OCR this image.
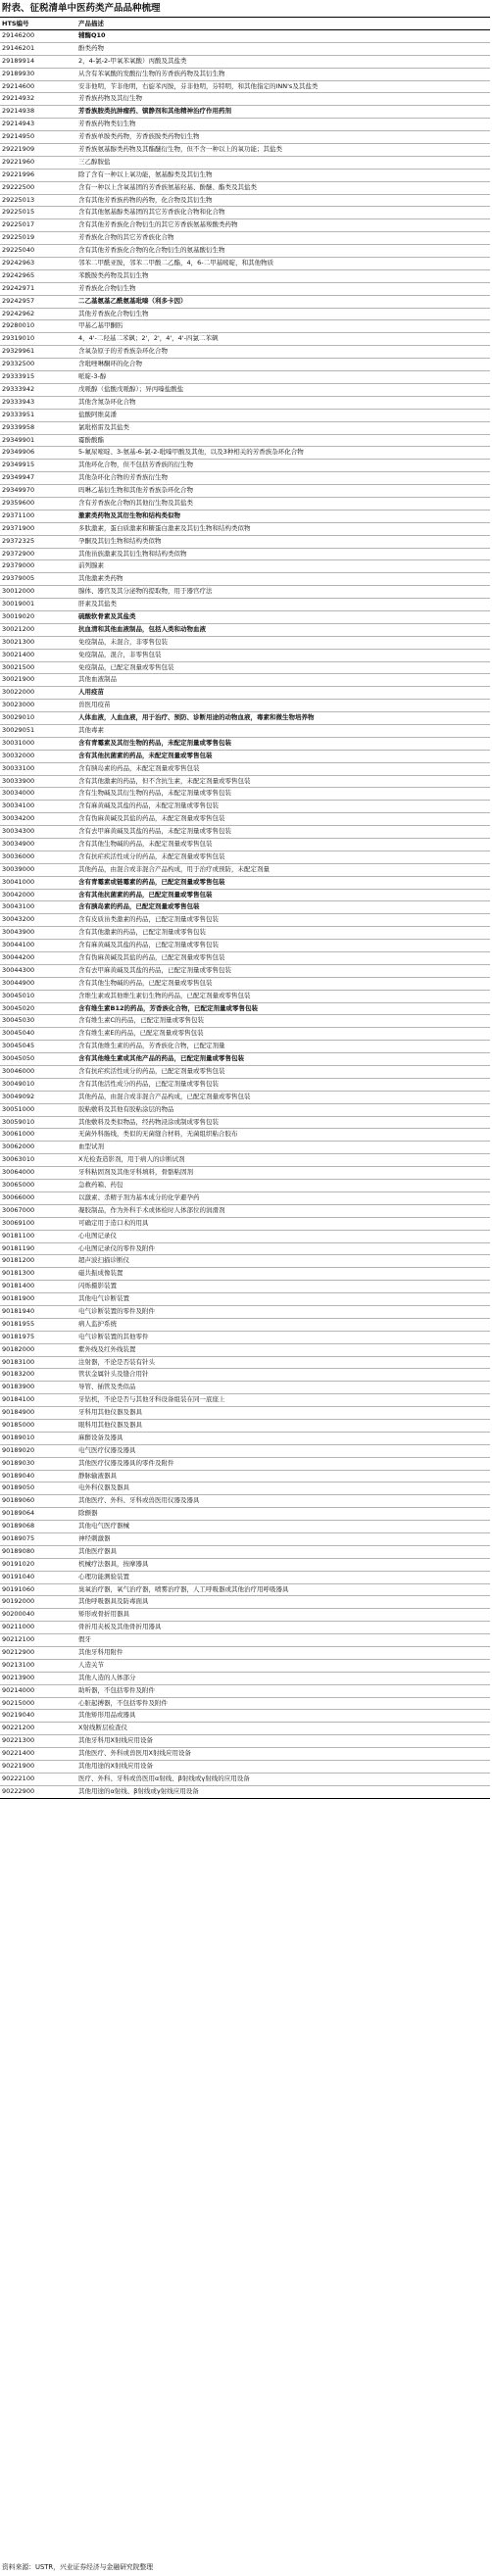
附表、征税清单中医药类产品品种梳理
HTS编号	产品描述
29146200	辅酶Q10
29146201	酚类药物
29189914	2，4-氯-2-甲氧苯氧酸）丙酸及其盐类
29189930	从含有苯氧酸的发酸衍生物的芳香族药物及其衍生物
29214600	安非他明，苄非他明，右旋苯丙胺，芬非他明，芬特明，和其他指定的INN's及其盐类
29214932	芳香族药物及其衍生物
29214938	芳香族胺类抗肿瘤药、镇静剂和其他精神治疗作用药剂
29214943	芳香族药物类衍生物
29214950	芳香族单胺类药物，芳香族胺类药物衍生物
29221909	芳香族氨基醇类药物及其酯醚衍生物，但不含一种以上的氧功能；其盐类
29221960	三乙醇胺盐
29221996	除了含有一种以上氧功能，氨基醇类及其衍生物
29222500	含有一种以上含氧基团的芳香族氨基羟基、酚醚、酯类及其盐类
29225013	含有其他芳香族药物的药物，化合物及其衍生物
29225015	含有其他氨基醇类基团的其它芳香族化合物和化合物
29225017	含有其他芳香族化合物衍生的其它芳香族氨基羧酸类药物
29225019	芳香族化合物的其它芳香族化合物
29225040	含有其他芳香族化合物的化合物衍生的氨基酸衍生物
29242963	邻苯二甲酰亚胺，邻苯二甲酸二乙酯，4，6-二甲基嘧啶，和其他物质
29242965	苯酰胺类药物及其衍生物
29242971	芳香族化合物衍生物
29242957	二乙基氨基乙酰氨基吡嗪（利多卡因）
29242962	其他芳香族化合物衍生物
29280010	甲基乙基甲酮肟
29319010	4，4'-二羟基二苯砜；2'，2'，4'，4'-四氯二苯砜
29329961	含氧杂原子的芳香族杂环化合物
29332500	含吡唑啉酮环的化合物
29333915	哌啶-3-醇
29333942	戊哌醇（盐酸戊哌醇）；异丙嗪盐酸盐
29333943	其他含氮杂环化合物
29333951	盐酸阿维莫潘
29339958	氯吡格雷及其盐类
29349901	霉酚酸酯
29349906	5-氟尿嘧啶、3-氨基-6-氯-2-吡嗪甲酸及其他，以及3种相关的芳香族杂环化合物
29349915	其他环化合物，但不包括芳香族的衍生物
29349947	其他杂环化合物的芳香族衍生物
29349970	吗啉乙基衍生物和其他芳香族杂环化合物
29359600	含有芳香族化合物的其他衍生物及其盐类
29371100	激素类药物及其衍生物和结构类似物
29371900	多肽激素，蛋白质激素和糖蛋白激素及其衍生物和结构类似物
29372325	孕酮及其衍生物和结构类似物
29372900	其他甾族激素及其衍生物和结构类似物
29379000	前列腺素
29379005	其他激素类药物
30012000	腺体、器官及其分泌物的提取物，用于器官疗法
30019001	肝素及其盐类
30019020	硫酸软骨素及其盐类
30021200	抗血清和其他血液制品，包括人类和动物血液
30021300	免疫制品，未混合，非零售包装
30021400	免疫制品，混合，非零售包装
30021500	免疫制品，已配定剂量或零售包装
30021900	其他血液制品
30022000	人用疫苗
30023000	兽医用疫苗
30029010	人体血液，人血血液，用于治疗、预防、诊断用途的动物血液，毒素和微生物培养物
30029051	其他毒素
30031000	含有青霉素及其衍生物的药品，未配定剂量或零售包装
30032000	含有其他抗菌素的药品，未配定剂量或零售包装
30033100	含有胰岛素的药品，未配定剂量或零售包装
30033900	含有其他激素的药品，但不含抗生素，未配定剂量或零售包装
30034000	含有生物碱及其衍生物的药品，未配定剂量或零售包装
30034100	含有麻黄碱及其盐的药品，未配定剂量或零售包装
30034200	含有伪麻黄碱及其盐的药品，未配定剂量或零售包装
30034300	含有去甲麻黄碱及其盐的药品，未配定剂量或零售包装
30034900	含有其他生物碱的药品，未配定剂量或零售包装
30036000	含有抗疟疾活性成分的药品，未配定剂量或零售包装
30039000	其他药品，由混合或非混合产品构成，用于治疗或预防，未配定剂量
30041000	含有青霉素或链霉素的药品，已配定剂量或零售包装
30042000	含有其他抗菌素的药品，已配定剂量或零售包装
30043100	含有胰岛素的药品，已配定剂量或零售包装
30043200	含有皮质甾类激素的药品，已配定剂量或零售包装
30043900	含有其他激素的药品，已配定剂量或零售包装
30044100	含有麻黄碱及其盐的药品，已配定剂量或零售包装
30044200	含有伪麻黄碱及其盐的药品，已配定剂量或零售包装
30044300	含有去甲麻黄碱及其盐的药品，已配定剂量或零售包装
30044900	含有其他生物碱的药品，已配定剂量或零售包装
30045010	含维生素或其他维生素衍生物的药品，已配定剂量或零售包装
30045020	含有维生素B12的药品，芳香族化合物，已配定剂量或零售包装
30045030	含有维生素C的药品，已配定剂量或零售包装
30045040	含有维生素E的药品，已配定剂量或零售包装
30045045	含有其他维生素的药品，芳香族化合物，已配定剂量
30045050	含有其他维生素或其他产品的药品，已配定剂量或零售包装
30046000	含有抗疟疾活性成分的药品，已配定剂量或零售包装
30049010	含有其他活性成分的药品，已配定剂量或零售包装
30049092	其他药品，由混合或非混合产品构成，已配定剂量或零售包装
30051000	胶粘敷料及其他有胶粘涂层的物品
30059010	其他敷料及类似物品，经药物浸涂或制成零售包装
30061000	无菌外科肠线，类似的无菌缝合材料，无菌组织粘合胶布
30062000	血型试剂
30063010	X光检查造影剂，用于病人的诊断试剂
30064000	牙科粘固剂及其他牙科填料，骨骼粘固剂
30065000	急救药箱、药包
30066000	以激素、杀精子剂为基本成分的化学避孕药
30067000	凝胶制品，作为外科手术或体检时人体部位的润滑剂
30069100	可确定用于造口术的用具
90181100	心电图记录仪
90181190	心电图记录仪的零件及附件
90181200	超声波扫描诊断仪
90181300	磁共振成像装置
90181400	闪烁摄影装置
90181900	其他电气诊断装置
90181940	电气诊断装置的零件及附件
90181955	病人监护系统
90181975	电气诊断装置的其他零件
90182000	紫外线及红外线装置
90183100	注射器，不论是否装有针头
90183200	管状金属针头及缝合用针
90183900	导管、插管及类似品
90184100	牙钻机，不论是否与其他牙科设备组装在同一底座上
90184900	牙科用其他仪器及器具
90185000	眼科用其他仪器及器具
90189010	麻醉设备及器具
90189020	电气医疗仪器及器具
90189030	其他医疗仪器及器具的零件及附件
90189040	静脉输液器具
90189050	电外科仪器及器具
90189060	其他医疗、外科、牙科或兽医用仪器及器具
90189064	除颤器
90189068	其他电气医疗器械
90189075	神经刺激器
90189080	其他医疗器具
90191020	机械疗法器具，按摩器具
90191040	心理功能测验装置
90191060	臭氧治疗器，氧气治疗器，喷雾治疗器，人工呼吸器或其他治疗用呼吸器具
90192000	其他呼吸器具及防毒面具
90200040	矫形或骨折用器具
90211000	骨折用夹板及其他骨折用器具
90212100	假牙
90212900	其他牙科用附件
90213100	人造关节
90213900	其他人造的人体部分
90214000	助听器，不包括零件及附件
90215000	心脏起搏器，不包括零件及附件
90219040	其他矫形用品或器具
90221200	X射线断层检查仪
90221300	其他牙科用X射线应用设备
90221400	其他医疗、外科或兽医用X射线应用设备
90221900	其他用途的X射线应用设备
90222100	医疗、外科、牙科或兽医用α射线、β射线或γ射线的应用设备
90222900	其他用途的α射线、β射线或γ射线应用设备
资料来源：USTR，兴业证券经济与金融研究院整理
